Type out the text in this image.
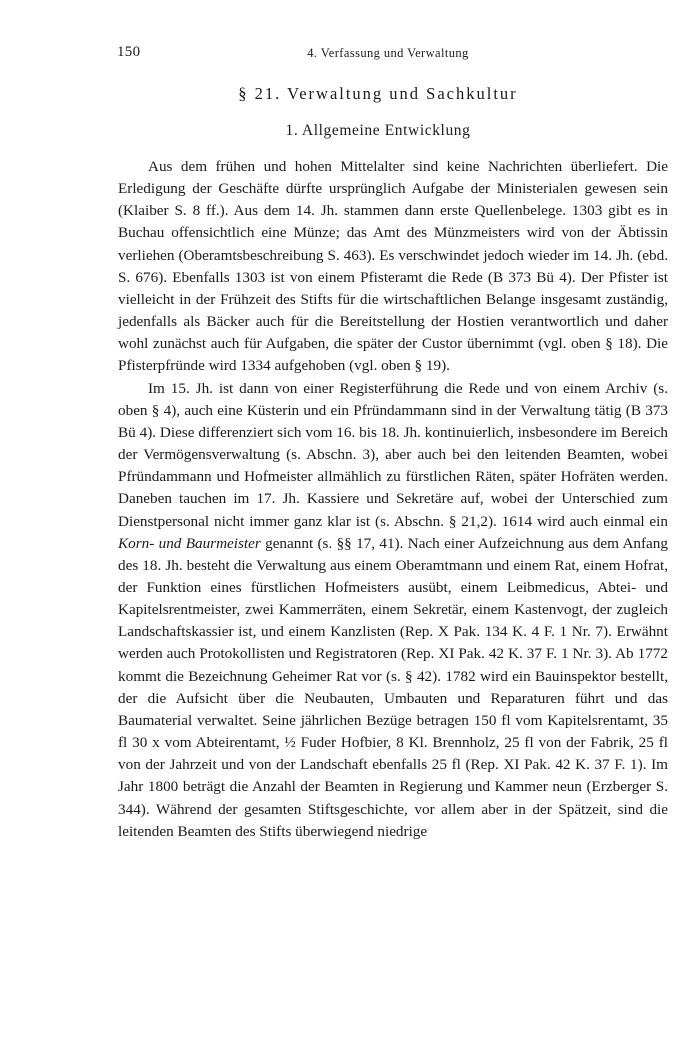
150	4. Verfassung und Verwaltung
§ 21. Verwaltung und Sachkultur
1. Allgemeine Entwicklung

Aus dem frühen und hohen Mittelalter sind keine Nachrichten überliefert. Die Erledigung der Geschäfte dürfte ursprünglich Aufgabe der Ministerialen gewesen sein (Klaiber S. 8 ff.). Aus dem 14. Jh. stammen dann erste Quellenbelege. 1303 gibt es in Buchau offensichtlich eine Münze; das Amt des Münzmeisters wird von der Äbtissin verliehen (Oberamtsbeschreibung S. 463). Es verschwindet jedoch wieder im 14. Jh. (ebd. S. 676). Ebenfalls 1303 ist von einem Pfisteramt die Rede (B 373 Bü 4). Der Pfister ist vielleicht in der Frühzeit des Stifts für die wirtschaftlichen Belange insgesamt zuständig, jedenfalls als Bäcker auch für die Bereitstellung der Hostien verantwortlich und daher wohl zunächst auch für Aufgaben, die später der Custor übernimmt (vgl. oben § 18). Die Pfisterpfründe wird 1334 aufgehoben (vgl. oben § 19).

Im 15. Jh. ist dann von einer Registerführung die Rede und von einem Archiv (s. oben § 4), auch eine Küsterin und ein Pfründammann sind in der Verwaltung tätig (B 373 Bü 4). Diese differenziert sich vom 16. bis 18. Jh. kontinuierlich, insbesondere im Bereich der Vermögensverwaltung (s. Abschn. 3), aber auch bei den leitenden Beamten, wobei Pfründammann und Hofmeister allmählich zu fürstlichen Räten, später Hofräten werden. Daneben tauchen im 17. Jh. Kassiere und Sekretäre auf, wobei der Unterschied zum Dienstpersonal nicht immer ganz klar ist (s. Abschn. § 21,2). 1614 wird auch einmal ein Korn- und Baurmeister genannt (s. §§ 17, 41). Nach einer Aufzeichnung aus dem Anfang des 18. Jh. besteht die Verwaltung aus einem Oberamtmann und einem Rat, einem Hofrat, der Funktion eines fürstlichen Hofmeisters ausübt, einem Leibmedicus, Abtei- und Kapitelsrentmeister, zwei Kammerräten, einem Sekretär, einem Kastenvogt, der zugleich Landschaftskassier ist, und einem Kanzlisten (Rep. X Pak. 134 K. 4 F. 1 Nr. 7). Erwähnt werden auch Protokollisten und Registratoren (Rep. XI Pak. 42 K. 37 F. 1 Nr. 3). Ab 1772 kommt die Bezeichnung Geheimer Rat vor (s. § 42). 1782 wird ein Bauinspektor bestellt, der die Aufsicht über die Neubauten, Umbauten und Reparaturen führt und das Baumaterial verwaltet. Seine jährlichen Bezüge betragen 150 fl vom Kapitelsrentamt, 35 fl 30 x vom Abteirentamt, ½ Fuder Hofbier, 8 Kl. Brennholz, 25 fl von der Fabrik, 25 fl von der Jahrzeit und von der Landschaft ebenfalls 25 fl (Rep. XI Pak. 42 K. 37 F. 1). Im Jahr 1800 beträgt die Anzahl der Beamten in Regierung und Kammer neun (Erzberger S. 344). Während der gesamten Stiftsgeschichte, vor allem aber in der Spätzeit, sind die leitenden Beamten des Stifts überwiegend niedrige
